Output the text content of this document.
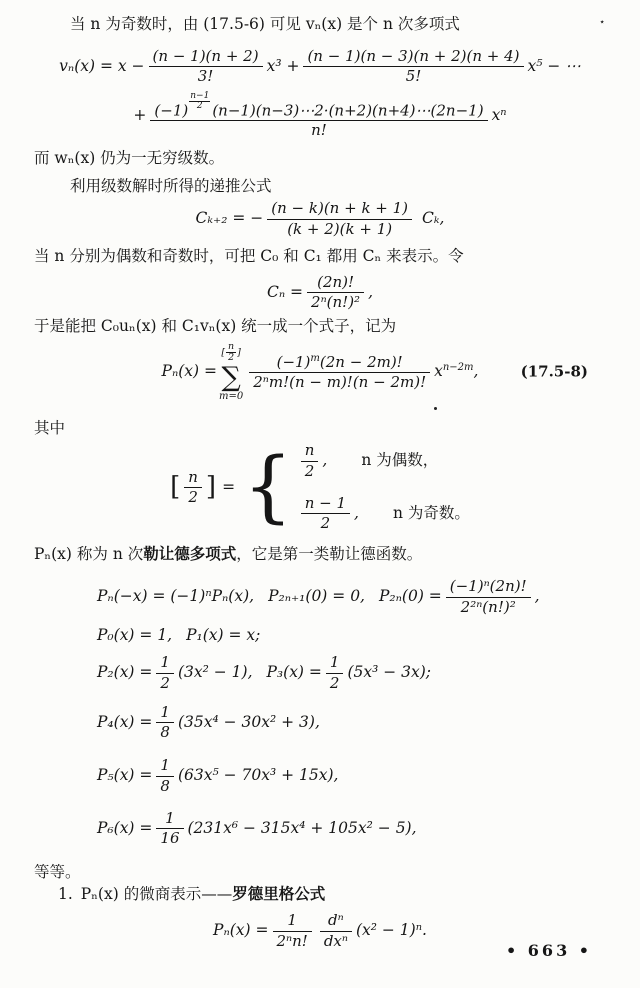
⋆

当 n 为奇数时，由 (17.5-6) 可见 vₙ(x) 是个 n 次多项式

$v_n(x) = x - \frac{(n - 1)(n + 2)}{3!} x^3 + \frac{(n - 1)(n - 3)(n + 2)(n + 4)}{5!} x^5$ − ⋯
+ $\frac{(-1) \frac{n-1}{2} (n-1)(n-3)\cdots 2\cdot(n+2)(n+4)\cdots(2n-1)}{n!}$ xⁿ

而 wₙ(x) 仍为一无穷级数。

利用级数解时所得的递推公式

Cₖ₊₂ = − $\frac{(n - k)(n + k + 1)}{(k + 2)(k + 1)} C_k$,

当 n 分别为偶数和奇数时，可把 C₀ 和 C₁ 都用 Cₙ 来表示。令

$C_n = \frac{(2n)!}{\text{2ⁿ(n!)²}}$ ,

于是能把 C₀uₙ(x) 和 C₁vₙ(x) 统一成一个式子，记为

Pₙ(x) =
[ $\frac{n}{2}$ ]
∑
m=0
$\frac{(-1)^m(2n - 2m)!}{\text{2ⁿm!(n − m)!(n − 2m)!}} x^{n-2m}$,	(17.5-8)

其中

[ $\frac{n}{2}$ ] = { $\frac{n}{2}$ , n 为偶数，
$\frac{n - 1}{2}$ , n 为奇数。

Pₙ(x) 称为 n 次勒让德多项式，它是第一类勒让德函数。

Pₙ(−x) = (−1)ⁿPₙ(x), P₂ₙ₊₁(0) = 0, $P_{2n}(0) = \frac{\text{(−1)ⁿ(2n)!}}{\text{2²ⁿ(n!)²}}$ ,
P₀(x) = 1, P₁(x) = x;
$P_2(x) = \frac{1}{2} (3x^2 - 1)$, $P_3(x) = \frac{1}{2} (5x^3 - 3x)$;
$P_4(x) = \frac{1}{8} (35x^4 - 30x^2 + 3)$,
$P_5(x) = \frac{1}{8} (63x^5 - 70x^3 + 15x)$,
$P_6(x) = \frac{1}{16} (231x^6 - 315x^4 + 105x^2 - 5)$,

等等。

1. Pₙ(x) 的微商表示——罗德里格公式

$P_n(x) = \frac{1}{\text{2ⁿn!}} \frac{\text{dⁿ}}{\text{dxⁿ}} (x^2 - 1)^n$.
• 663 •
